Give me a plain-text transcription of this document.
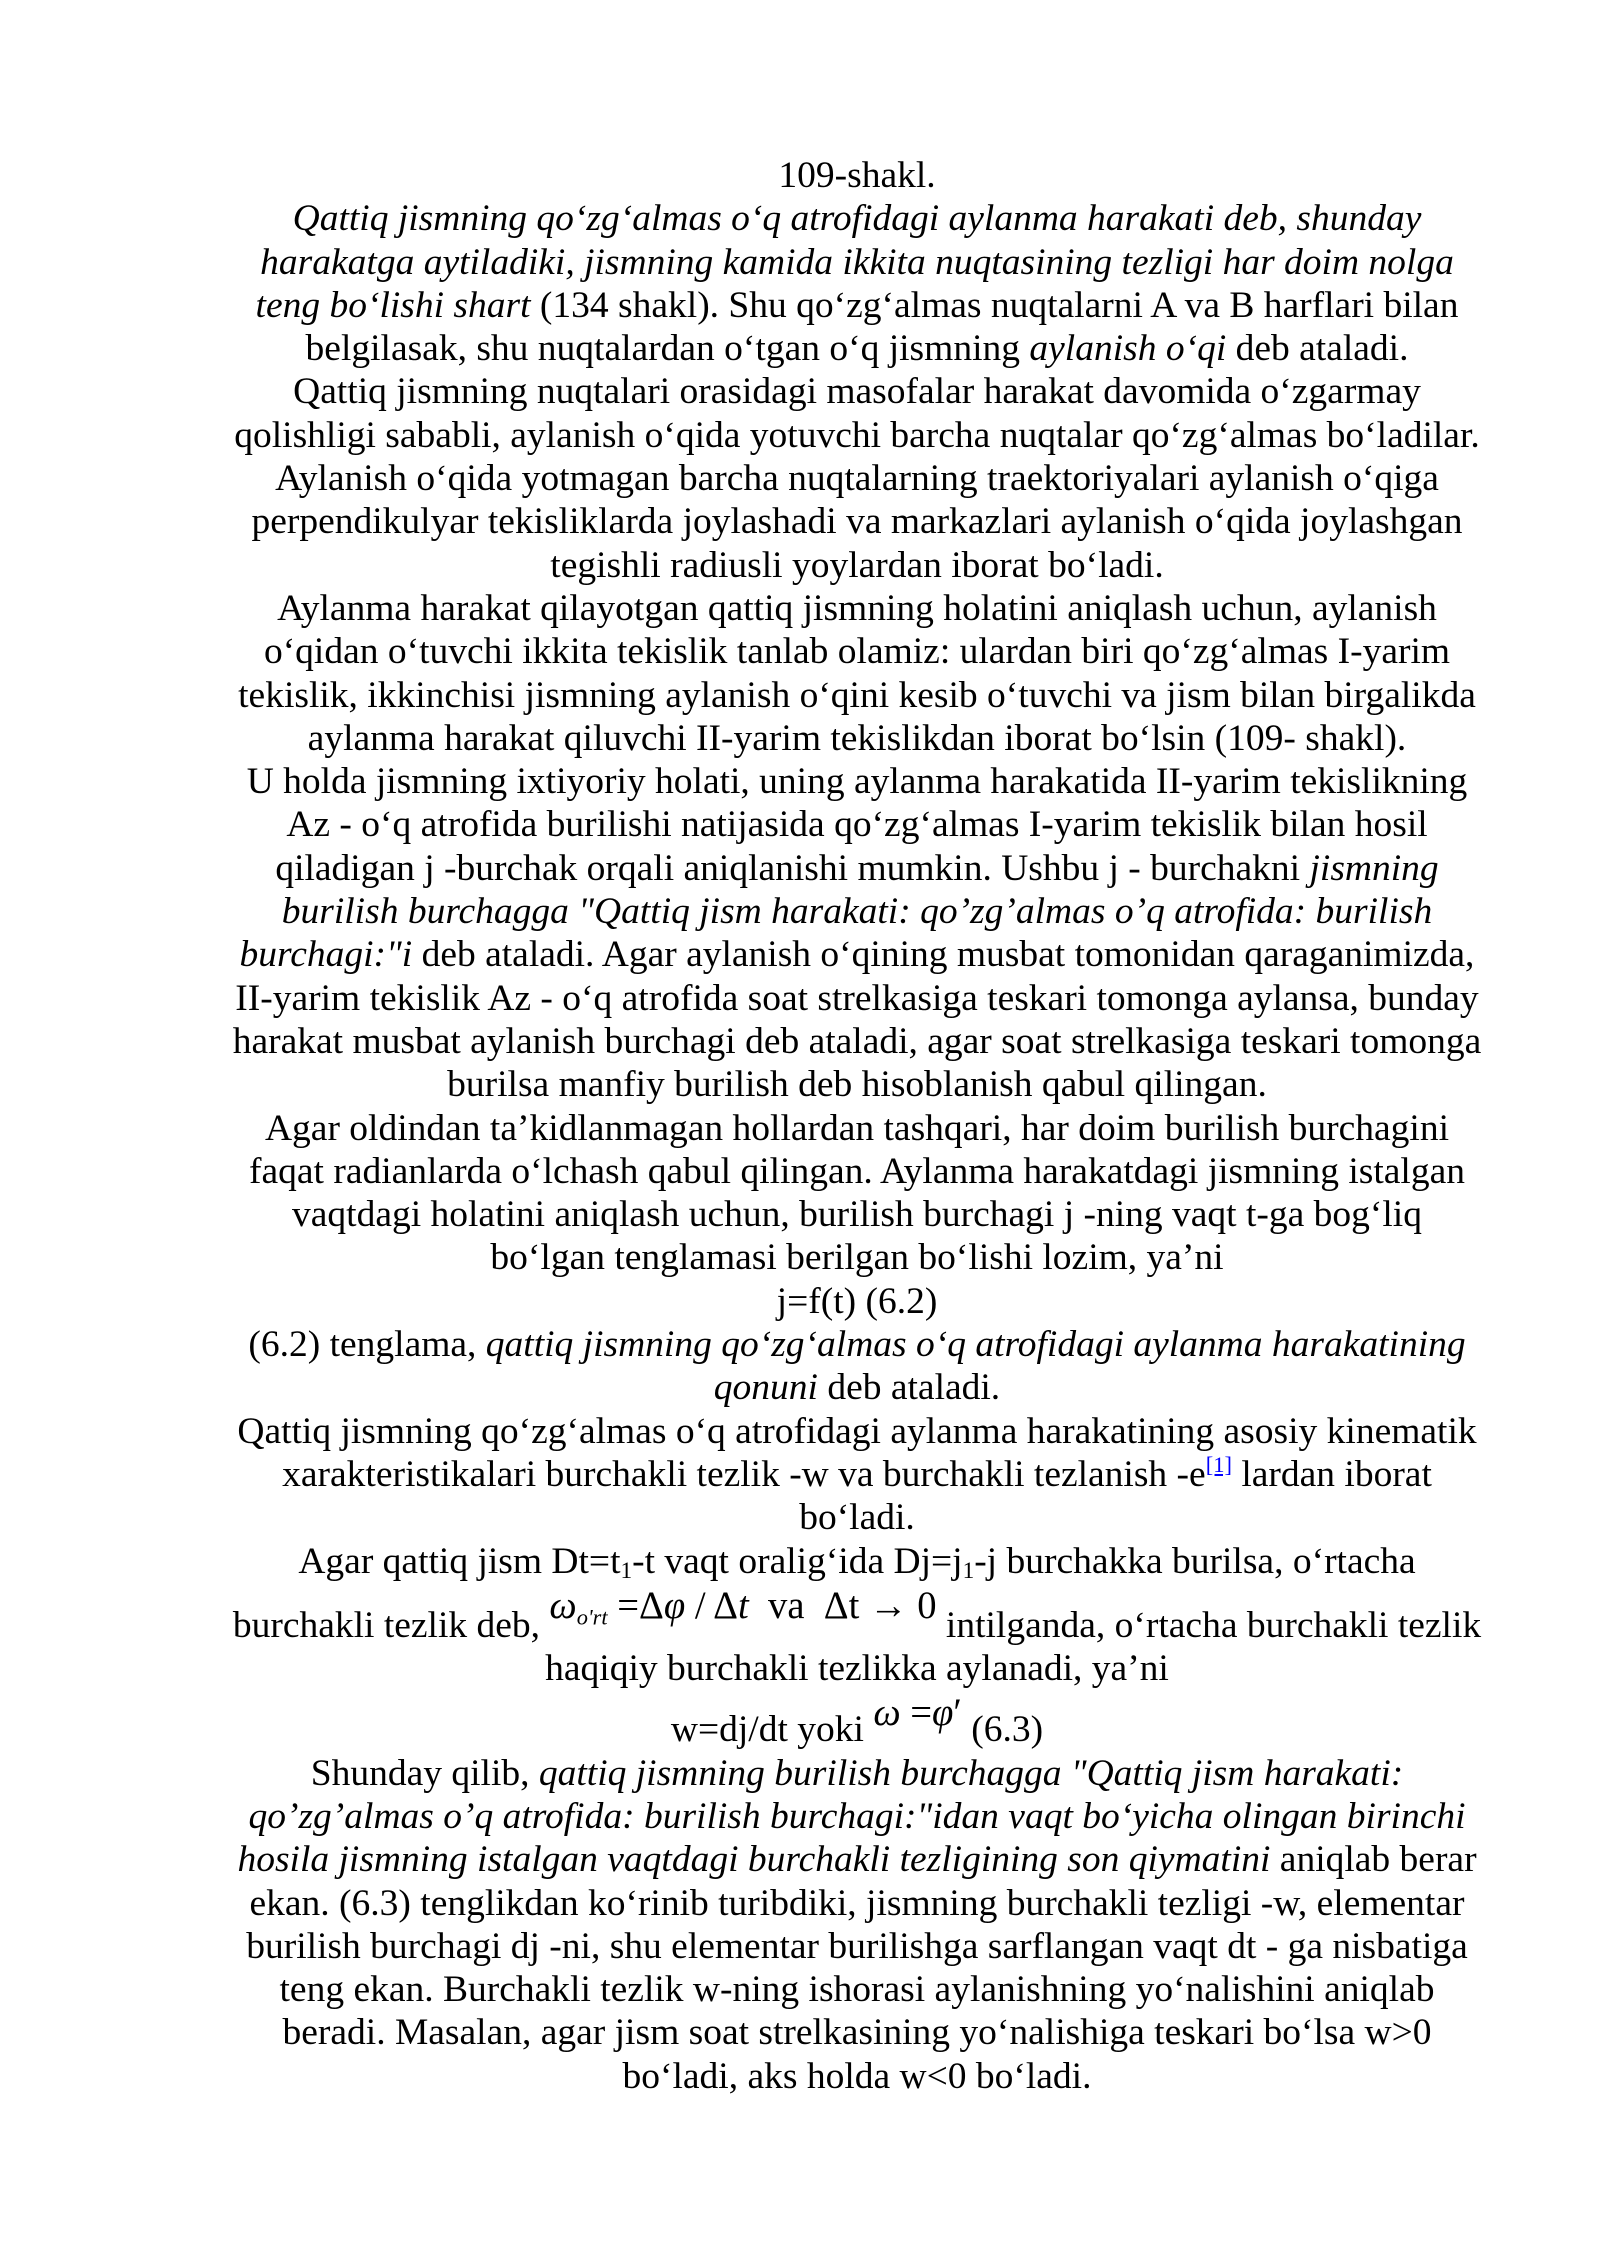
109-shakl.
Qattiq jismning qo‘zg‘almas o‘q atrofidagi aylanma harakati deb, shunday
harakatga aytiladiki, jismning kamida ikkita nuqtasining tezligi har doim nolga
teng bo‘lishi shart (134 shakl). Shu qo‘zg‘almas nuqtalarni A va B harflari bilan
belgilasak, shu nuqtalardan o‘tgan o‘q jismning aylanish o‘qi deb ataladi.
Qattiq jismning nuqtalari orasidagi masofalar harakat davomida o‘zgarmay
qolishligi sababli, aylanish o‘qida yotuvchi barcha nuqtalar qo‘zg‘almas bo‘ladilar.
Aylanish o‘qida yotmagan barcha nuqtalarning traektoriyalari aylanish o‘qiga
perpendikulyar tekisliklarda joylashadi va markazlari aylanish o‘qida joylashgan
tegishli radiusli yoylardan iborat bo‘ladi.
Aylanma harakat qilayotgan qattiq jismning holatini aniqlash uchun, aylanish
o‘qidan o‘tuvchi ikkita tekislik tanlab olamiz: ulardan biri qo‘zg‘almas I-yarim
tekislik, ikkinchisi jismning aylanish o‘qini kesib o‘tuvchi va jism bilan birgalikda
aylanma harakat qiluvchi II-yarim tekislikdan iborat bo‘lsin (109- shakl).
U holda jismning ixtiyoriy holati, uning aylanma harakatida II-yarim tekislikning
Az - o‘q atrofida burilishi natijasida qo‘zg‘almas I-yarim tekislik bilan hosil
qiladigan j -burchak orqali aniqlanishi mumkin. Ushbu j - burchakni jismning
burilish burchagga "Qattiq jism harakati: qo’zg’almas o’q atrofida: burilish
burchagi:"i deb ataladi. Agar aylanish o‘qining musbat tomonidan qaraganimizda,
II-yarim tekislik Az - o‘q atrofida soat strelkasiga teskari tomonga aylansa, bunday
harakat musbat aylanish burchagi deb ataladi, agar soat strelkasiga teskari tomonga
burilsa manfiy burilish deb hisoblanish qabul qilingan.
Agar oldindan ta’kidlanmagan hollardan tashqari, har doim burilish burchagini
faqat radianlarda o‘lchash qabul qilingan. Aylanma harakatdagi jismning istalgan
vaqtdagi holatini aniqlash uchun, burilish burchagi j -ning vaqt t-ga bog‘liq
bo‘lgan tenglamasi berilgan bo‘lishi lozim, ya’ni
j=f(t) (6.2)
(6.2) tenglama, qattiq jismning qo‘zg‘almas o‘q atrofidagi aylanma harakatining
qonuni deb ataladi.
Qattiq jismning qo‘zg‘almas o‘q atrofidagi aylanma harakatining asosiy kinematik
xarakteristikalari burchakli tezlik -w va burchakli tezlanish -e[1] lardan iborat
bo‘ladi.
Agar qattiq jism $Dt=t_1-t$ vaqt oralig‘ida $Dj=j_1-j$ burchakka burilsa, o‘rtacha
burchakli tezlik deb, $\omega_{o'rt} =\Delta\varphi / \Delta t$  va  Δt → 0 intilganda, o‘rtacha burchakli tezlik
haqiqiy burchakli tezlikka aylanadi, ya’ni
w=dj/dt yoki ω =φ′ (6.3)
Shunday qilib, qattiq jismning burilish burchagga "Qattiq jism harakati:
qo’zg’almas o’q atrofida: burilish burchagi:"idan vaqt bo‘yicha olingan birinchi
hosila jismning istalgan vaqtdagi burchakli tezligining son qiymatini aniqlab berar
ekan. (6.3) tenglikdan ko‘rinib turibdiki, jismning burchakli tezligi -w, elementar
burilish burchagi dj -ni, shu elementar burilishga sarflangan vaqt dt - ga nisbatiga
teng ekan. Burchakli tezlik w-ning ishorasi aylanishning yo‘nalishini aniqlab
beradi. Masalan, agar jism soat strelkasining yo‘nalishiga teskari bo‘lsa w>0
bo‘ladi, aks holda w<0 bo‘ladi.
